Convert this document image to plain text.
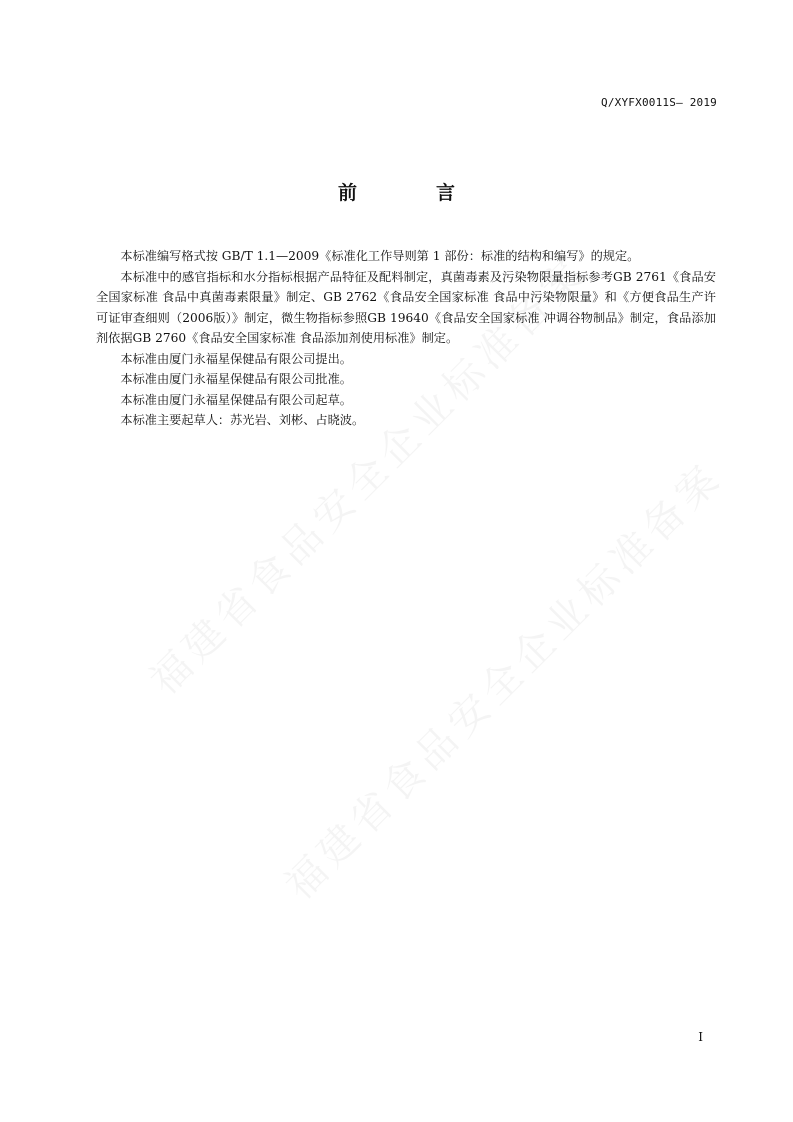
Q/XYFX0011S— 2019
前　言

本标准编写格式按 GB/T 1.1—2009《标准化工作导则第 1 部份：标准的结构和编写》的规定。

本标准中的感官指标和水分指标根据产品特征及配料制定，真菌毒素及污染物限量指标参考GB 2761《食品安全国家标准 食品中真菌毒素限量》制定、GB 2762《食品安全国家标准 食品中污染物限量》和《方便食品生产许可证审查细则（2006版）》制定，微生物指标参照GB 19640《食品安全国家标准 冲调谷物制品》制定，食品添加剂依据GB 2760《食品安全国家标准 食品添加剂使用标准》制定。

本标准由厦门永福星保健品有限公司提出。

本标准由厦门永福星保健品有限公司批准。

本标准由厦门永福星保健品有限公司起草。

本标准主要起草人：苏光岩、刘彬、占晓波。

I
